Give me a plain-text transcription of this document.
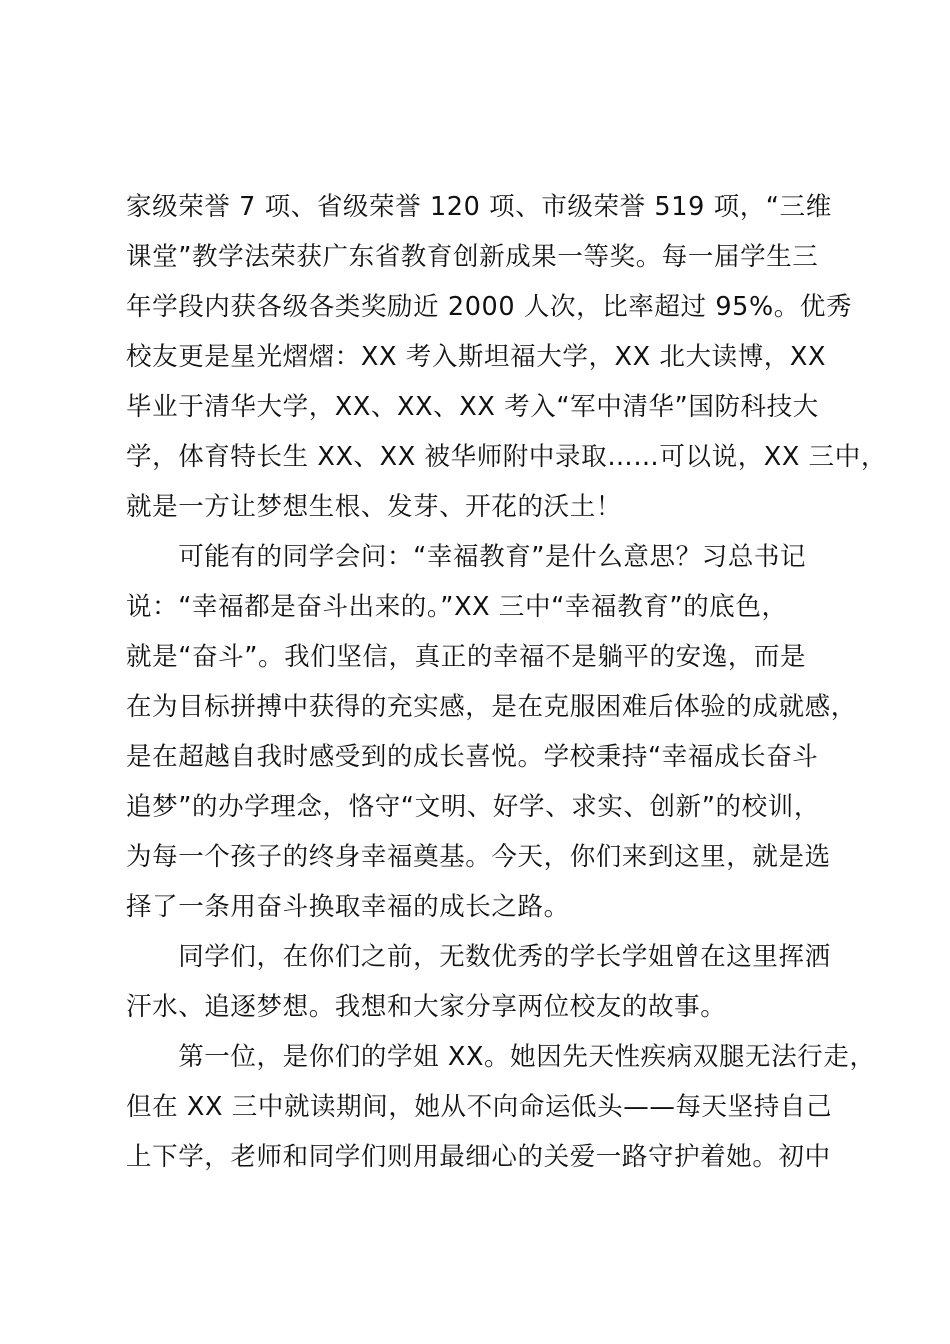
家级荣誉 7 项、省级荣誉 120 项、市级荣誉 519 项，“三维
课堂”教学法荣获广东省教育创新成果一等奖。每一届学生三
年学段内获各级各类奖励近 2000 人次，比率超过 95%。优秀
校友更是星光熠熠：XX 考入斯坦福大学，XX 北大读博，XX
毕业于清华大学，XX、XX、XX 考入“军中清华”国防科技大
学，体育特长生 XX、XX 被华师附中录取……可以说，XX 三中，
就是一方让梦想生根、发芽、开花的沃土！
　　可能有的同学会问：“幸福教育”是什么意思？习总书记
说：“幸福都是奋斗出来的。”XX 三中“幸福教育”的底色，
就是“奋斗”。我们坚信，真正的幸福不是躺平的安逸，而是
在为目标拼搏中获得的充实感，是在克服困难后体验的成就感，
是在超越自我时感受到的成长喜悦。学校秉持“幸福成长奋斗
追梦”的办学理念，恪守“文明、好学、求实、创新”的校训，
为每一个孩子的终身幸福奠基。今天，你们来到这里，就是选
择了一条用奋斗换取幸福的成长之路。
　　同学们，在你们之前，无数优秀的学长学姐曾在这里挥洒
汗水、追逐梦想。我想和大家分享两位校友的故事。
　　第一位，是你们的学姐 XX。她因先天性疾病双腿无法行走，
但在 XX 三中就读期间，她从不向命运低头——每天坚持自己
上下学，老师和同学们则用最细心的关爱一路守护着她。初中
